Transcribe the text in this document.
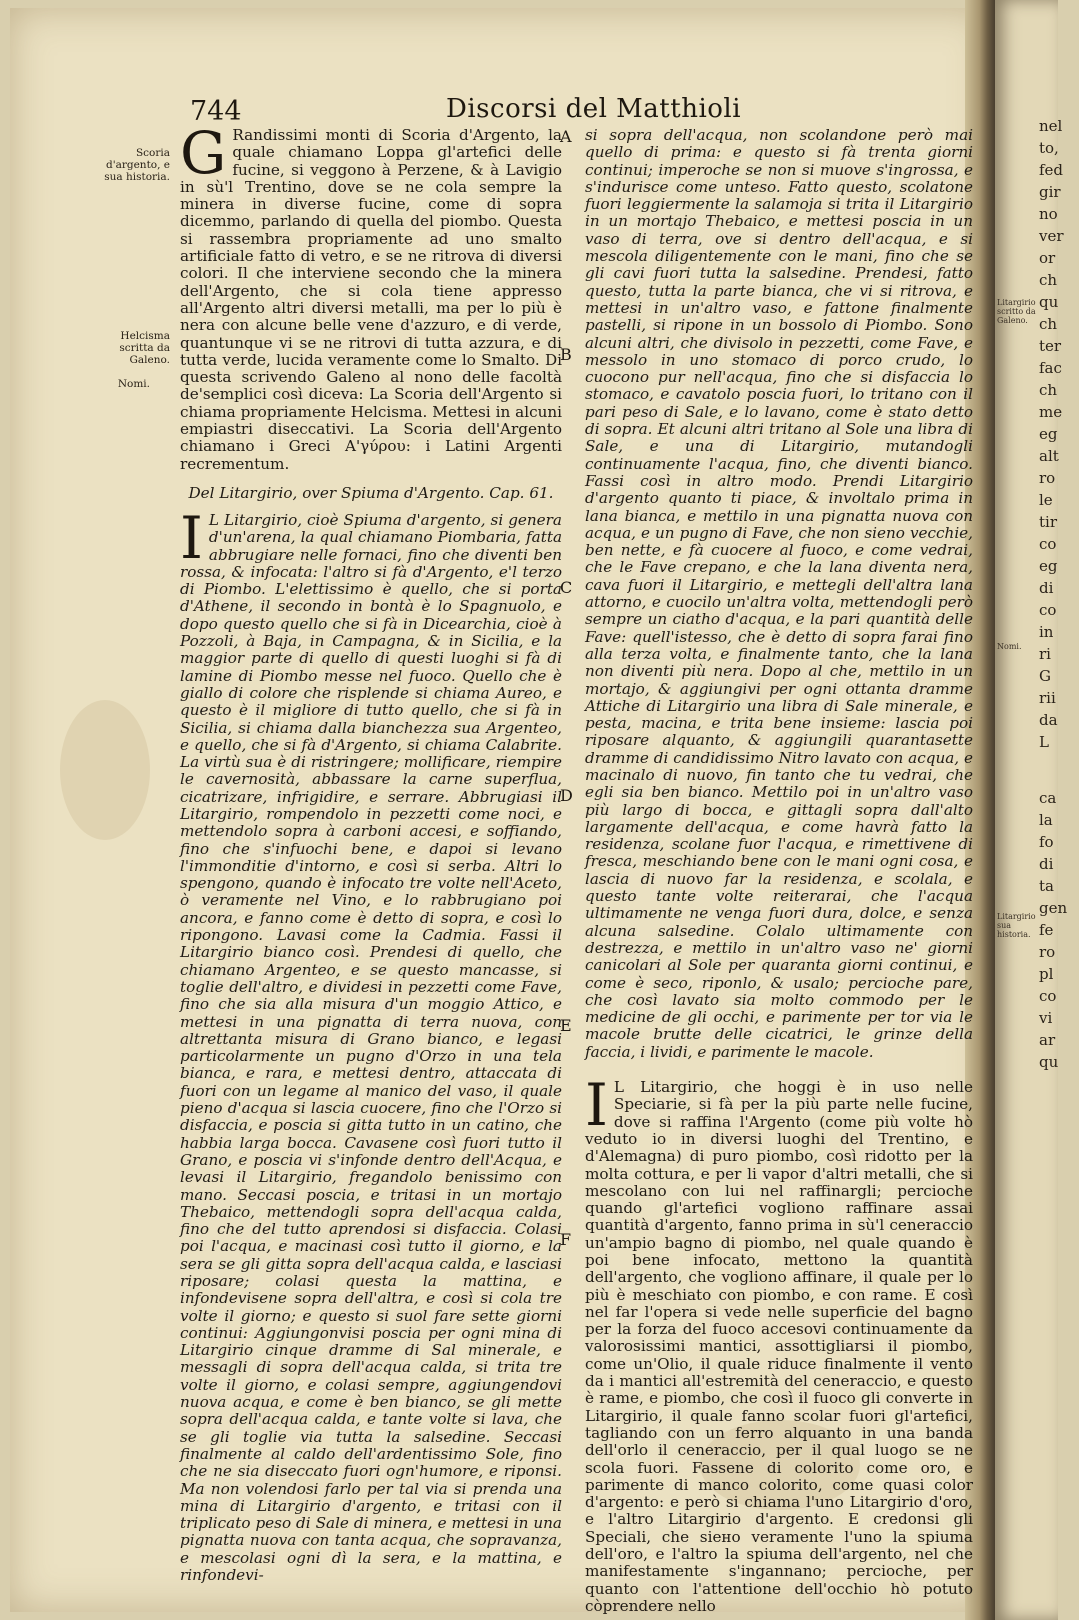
Litargirio scritto da Galeno.
Nomi.
Litargirio sua historia.
nel
to,
fed
gir
no
ver
or
ch
qu
ch
ter
fac
ch
me
eg
alt
ro
le
tir
co
eg
di
co
in
ri
G
rii
da
L
ca
la
fo
di
ta
gen
fe
ro
pl
co
vi
ar
qu
744	Discorsi del Matthioli
Scoria d'argento, e sua historia.
Helcisma scritta da Galeno.
Nomi.
A
B
C
D
E
F

G Randissimi monti di Scoria d'Argento, la quale chiamano Loppa gl'artefici delle fucine, si veggono à Perzene, & à Lavigio in sù'l Trentino, dove se ne cola sempre la minera in diverse fucine, come di sopra dicemmo, parlando di quella del piombo. Questa si rassembra propriamente ad uno smalto artificiale fatto di vetro, e se ne ritrova di diversi colori. Il che interviene secondo che la minera dell'Argento, che si cola tiene appresso all'Argento altri diversi metalli, ma per lo più è nera con alcune belle vene d'azzuro, e di verde, quantunque vi se ne ritrovi di tutta azzura, e di tutta verde, lucida veramente come lo Smalto. Di questa scrivendo Galeno al nono delle facoltà de'semplici così diceva: La Scoria dell'Argento si chiama propriamente Helcisma. Mettesi in alcuni empiastri diseccativi. La Scoria dell'Argento chiamano i Greci A'γύρου: i Latini Argenti recrementum.

Del Litargirio, over Spiuma d'Argento. Cap. 61.

I L Litargirio, cioè Spiuma d'argento, si genera d'un'arena, la qual chiamano Piombaria, fatta abbrugiare nelle fornaci, fino che diventi ben rossa, & infocata: l'altro si fà d'Argento, e'l terzo di Piombo. L'elettissimo è quello, che si porta d'Athene, il secondo in bontà è lo Spagnuolo, e dopo questo quello che si fà in Dicearchia, cioè à Pozzoli, à Baja, in Campagna, & in Sicilia, e la maggior parte di quello di questi luoghi si fà di lamine di Piombo messe nel fuoco. Quello che è giallo di colore che risplende si chiama Aureo, e questo è il migliore di tutto quello, che si fà in Sicilia, si chiama dalla bianchezza sua Argenteo, e quello, che si fà d'Argento, si chiama Calabrite. La virtù sua è di ristringere; mollificare, riempire le cavernosità, abbassare la carne superflua, cicatrizare, infrigidire, e serrare. Abbrugiasi il Litargirio, rompendolo in pezzetti come noci, e mettendolo sopra à carboni accesi, e soffiando, fino che s'infuochi bene, e dapoi si levano l'immonditie d'intorno, e così si serba. Altri lo spengono, quando è infocato tre volte nell'Aceto, ò veramente nel Vino, e lo rabbrugiano poi ancora, e fanno come è detto di sopra, e così lo ripongono. Lavasi come la Cadmia. Fassi il Litargirio bianco così. Prendesi di quello, che chiamano Argenteo, e se questo mancasse, si toglie dell'altro, e dividesi in pezzetti come Fave, fino che sia alla misura d'un moggio Attico, e mettesi in una pignatta di terra nuova, con altrettanta misura di Grano bianco, e legasi particolarmente un pugno d'Orzo in una tela bianca, e rara, e mettesi dentro, attaccata di fuori con un legame al manico del vaso, il quale pieno d'acqua si lascia cuocere, fino che l'Orzo si disfaccia, e poscia si gitta tutto in un catino, che habbia larga bocca. Cavasene così fuori tutto il Grano, e poscia vi s'infonde dentro dell'Acqua, e levasi il Litargirio, fregandolo benissimo con mano. Seccasi poscia, e tritasi in un mortajo Thebaico, mettendogli sopra dell'acqua calda, fino che del tutto aprendosi si disfaccia. Colasi poi l'acqua, e macinasi così tutto il giorno, e la sera se gli gitta sopra dell'acqua calda, e lasciasi riposare; colasi questa la mattina, e infondevisene sopra dell'altra, e così si cola tre volte il giorno; e questo si suol fare sette giorni continui: Aggiungonvisi poscia per ogni mina di Litargirio cinque dramme di Sal minerale, e messagli di sopra dell'acqua calda, si trita tre volte il giorno, e colasi sempre, aggiungendovi nuova acqua, e come è ben bianco, se gli mette sopra dell'acqua calda, e tante volte si lava, che se gli toglie via tutta la salsedine. Seccasi finalmente al caldo dell'ardentissimo Sole, fino che ne sia diseccato fuori ogn'humore, e riponsi. Ma non volendosi farlo per tal via si prenda una mina di Litargirio d'argento, e tritasi con il triplicato peso di Sale di minera, e mettesi in una pignatta nuova con tanta acqua, che sopravanza, e mescolasi ogni dì la sera, e la mattina, e rinfondevi-

si sopra dell'acqua, non scolandone però mai quello di prima: e questo si fà trenta giorni continui; imperoche se non si muove s'ingrossa, e s'indurisce come unteso. Fatto questo, scolatone fuori leggiermente la salamoja si trita il Litargirio in un mortajo Thebaico, e mettesi poscia in un vaso di terra, ove si dentro dell'acqua, e si mescola diligentemente con le mani, fino che se gli cavi fuori tutta la salsedine. Prendesi, fatto questo, tutta la parte bianca, che vi si ritrova, e mettesi in un'altro vaso, e fattone finalmente pastelli, si ripone in un bossolo di Piombo. Sono alcuni altri, che divisolo in pezzetti, come Fave, e messolo in uno stomaco di porco crudo, lo cuocono pur nell'acqua, fino che si disfaccia lo stomaco, e cavatolo poscia fuori, lo tritano con il pari peso di Sale, e lo lavano, come è stato detto di sopra. Et alcuni altri tritano al Sole una libra di Sale, e una di Litargirio, mutandogli continuamente l'acqua, fino, che diventi bianco. Fassi così in altro modo. Prendi Litargirio d'argento quanto ti piace, & involtalo prima in lana bianca, e mettilo in una pignatta nuova con acqua, e un pugno di Fave, che non sieno vecchie, ben nette, e fà cuocere al fuoco, e come vedrai, che le Fave crepano, e che la lana diventa nera, cava fuori il Litargirio, e mettegli dell'altra lana attorno, e cuocilo un'altra volta, mettendogli però sempre un ciatho d'acqua, e la pari quantità delle Fave: quell'istesso, che è detto di sopra farai fino alla terza volta, e finalmente tanto, che la lana non diventi più nera. Dopo al che, mettilo in un mortajo, & aggiungivi per ogni ottanta dramme Attiche di Litargirio una libra di Sale minerale, e pesta, macina, e trita bene insieme: lascia poi riposare alquanto, & aggiungili quarantasette dramme di candidissimo Nitro lavato con acqua, e macinalo di nuovo, fin tanto che tu vedrai, che egli sia ben bianco. Mettilo poi in un'altro vaso più largo di bocca, e gittagli sopra dall'alto largamente dell'acqua, e come havrà fatto la residenza, scolane fuor l'acqua, e rimettivene di fresca, meschiando bene con le mani ogni cosa, e lascia di nuovo far la residenza, e scolala, e questo tante volte reiterarai, che l'acqua ultimamente ne venga fuori dura, dolce, e senza alcuna salsedine. Colalo ultimamente con destrezza, e mettilo in un'altro vaso ne' giorni canicolari al Sole per quaranta giorni continui, e come è seco, riponlo, & usalo; percioche pare, che così lavato sia molto commodo per le medicine de gli occhi, e parimente per tor via le macole brutte delle cicatrici, le grinze della faccia, i lividi, e parimente le macole.

I L Litargirio, che hoggi è in uso nelle Speciarie, si fà per la più parte nelle fucine, dove si raffina l'Argento (come più volte hò veduto io in diversi luoghi del Trentino, e d'Alemagna) di puro piombo, così ridotto per la molta cottura, e per li vapor d'altri metalli, che si mescolano con lui nel raffinargli; percioche quando gl'artefici vogliono raffinare assai quantità d'argento, fanno prima in sù'l ceneraccio un'ampio bagno di piombo, nel quale quando è poi bene infocato, mettono la quantità dell'argento, che vogliono affinare, il quale per lo più è meschiato con piombo, e con rame. E così nel far l'opera si vede nelle superficie del bagno per la forza del fuoco accesovi continuamente da valorosissimi mantici, assottigliarsi il piombo, come un'Olio, il quale riduce finalmente il vento da i mantici all'estremità del ceneraccio, e questo è rame, e piombo, che così il fuoco gli converte in Litargirio, il quale fanno scolar fuori gl'artefici, tagliando con un ferro alquanto in una banda dell'orlo il ceneraccio, per il qual luogo se ne scola fuori. Fassene di colorito come oro, e parimente di manco colorito, come quasi color d'argento: e però si chiama l'uno Litargirio d'oro, e l'altro Litargirio d'argento. E credonsi gli Speciali, che siено veramente l'uno la spiuma dell'oro, e l'altro la spiuma dell'argento, nel che manifestamente s'ingannano; percioche, per quanto con l'attentione dell'occhio hò potuto còprendere nello
